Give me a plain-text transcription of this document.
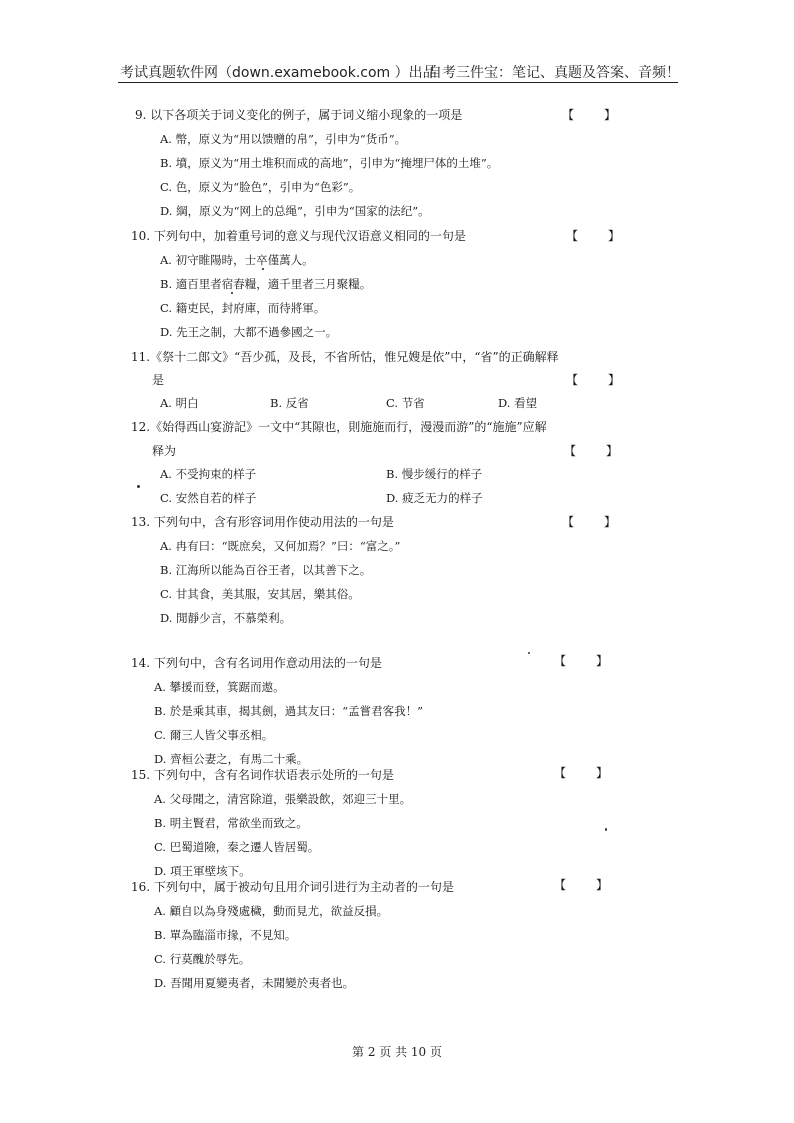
考试真题软件网（down.examebook.com ）出品
自考三件宝：笔记、真题及答案、音频！
9. 以下各项关于词义变化的例子，属于词义缩小现象的一项是	【　　】
A. 幣，原义为“用以馈赠的帛”，引申为“货币”。
B. 墳，原义为“用土堆积而成的高地”，引申为“掩埋尸体的土堆”。
C. 色，原义为“脸色”，引申为“色彩”。
D. 綱，原义为“网上的总绳”，引申为“国家的法纪”。
10. 下列句中，加着重号词的意义与现代汉语意义相同的一句是	【　　】
A. 初守睢陽時，士卒僅萬人。
B. 適百里者宿舂糧，適千里者三月聚糧。
C. 籍吏民，封府庫，而待將軍。
D. 先王之制，大都不過參國之一。
11.《祭十二郎文》“吾少孤，及長，不省所怙，惟兄嫂是依”中，“省”的正确解释
是	【　　】
A. 明白	B. 反省	C. 节省	D. 看望
12.《始得西山宴游記》一文中“其隙也，則施施而行，漫漫而游”的“施施”应解
释为	【　　】
A. 不受拘束的样子	B. 慢步缓行的样子
C. 安然自若的样子	D. 疲乏无力的样子
13. 下列句中，含有形容词用作使动用法的一句是	【　　】
A. 冉有曰：“既庶矣，又何加焉？”曰：“富之。”
B. 江海所以能為百谷王者，以其善下之。
C. 甘其食，美其服，安其居，樂其俗。
D. 閒靜少言，不慕榮利。
14. 下列句中，含有名词用作意动用法的一句是	【　　】
A. 攀援而登，箕踞而遨。
B. 於是乘其車，揭其劍，過其友曰：“孟嘗君客我！”
C. 爾三人皆父事丞相。
D. 齊桓公妻之，有馬二十乘。
15. 下列句中，含有名词作状语表示处所的一句是	【　　】
A. 父母聞之，清宮除道，張樂設飲，郊迎三十里。
B. 明主賢君，常欲坐而致之。
C. 巴蜀道險，秦之遷人皆居蜀。
D. 項王軍壁垓下。
16. 下列句中，属于被动句且用介词引进行为主动者的一句是	【　　】
A. 顧自以為身殘處穢，動而見尤，欲益反損。
B. 單為臨淄市掾，不見知。
C. 行莫醜於辱先。
D. 吾聞用夏變夷者，未聞變於夷者也。
第 2 页 共 10 页
